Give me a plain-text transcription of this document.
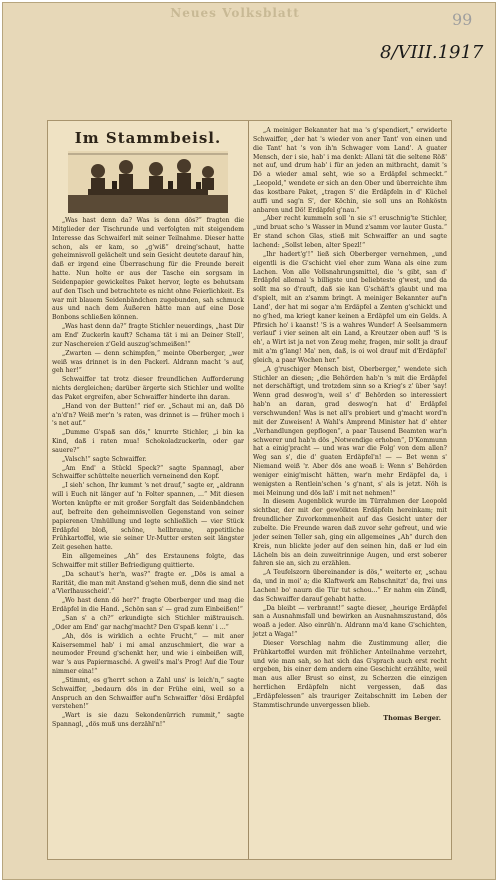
Neues Volksblatt	99
8/VIII.1917
Im Stammbeisl.

„Was hast denn da? Was is denn dös?“ fragten die Mitglieder der Tischrunde und verfolgten mit steigendem Interesse das Schwaiferl mit seiner Teilnahme. Dieser hatte schon, als er kam, so „g'wiß“ dreing'schaut, hatte geheimnisvoll gelächelt und sein Gesicht deutete darauf hin, daß er irgend eine Überraschung für die Freunde bereit hatte. Nun holte er aus der Tasche ein sorgsam in Seidenpapier gewickeltes Paket hervor, legte es behutsam auf den Tisch und betrachtete es nicht ohne Feierlichkeit. Es war mit blauem Seidenbändchen zugebunden, sah schmuck aus und nach dem Äußeren hätte man auf eine Dose Bonbons schließen können.

„Was hast denn da?“ fragte Stichler neuerdings, „hast Dir am End' Zuckerln kauft? Schama tät i mi an Deiner Stell', zur Naschereien z'Geld auszug'schmeißen!“

„Zwarten — denn schimpfen,“ meinte Oberberger, „wer weiß was drinnet is in den Packerl. Aldrann macht 's auf, geh her!“

Schwaiffer tat trotz dieser freundlichen Aufforderung nichts dergleichen; darüber ärgerte sich Stichler und wollte das Paket ergreifen, aber Schwaiffer hinderte ihn daran.

„Hand von der Butten!“ rief er. „Schaut mi an, daß Dö a'n'd'n? Weiß mer'n 's raten, was drinnet is — früher moch i 's net auf.“

„Dumme G'spaß san dös,“ knurrte Stichler, „i bin ka Kind, daß i raten mua! Schokoladzuckerln, oder gar sauere?“

„Valsch!“ sagte Schwaiffer.

„Am End' a Stückl Speck?“ sagte Spannagl, aber Schwaiffer schüttelte neuerlich verneinend den Kopf.

„I sieh' schon, Ihr kummt 's net drauf,“ sagte er, „aldrann will i Euch nit länger auf 'n Folter spannen, ...“ Mit diesen Worten knüpfte er mit großer Sorgfalt das Seidenbändchen auf, befreite den geheimnisvollen Gegenstand von seiner papierenen Umhüllung und legte schließlich — vier Stück Erdäpfel bloß, schöne, hellbraune, appetitliche Frühkartoffel, wie sie seiner Ur-Mutter ersten seit längster Zeit gesehen hatte.

Ein allgemeines „Ah“ des Erstaunens folgte, das Schwaiffer mit stiller Befriedigung quittierte.

„Da schaut's her'n, was?“ fragte er. „Dös is amal a Rarität, die man mit Anstand g'sehen muß, denn die sind net a'Vierlhausscheid'.“

„Wo hast denn dö her?“ fragte Oberberger und mag die Erdäpfel in die Hand. „Schön san s' — grad zum Einbeißen!“

„San s' a ch?“ erkundigte sich Stichler mißtrauisch. „Oder am End' gar nachg'macht? Den G'spaß kenn' i ...“

„Ah, dös is wirklich a echte Frucht,“ — mit aner Kaisersemmel hab' i mi amal anzuschmiert, die war a neumoder Freund g'schenkt her, und wie i einbeißen will, war 's aus Papiermasché. A gweil's mal's Prog! Auf die Tour nimmer eina!“

„Stimmt, es g'herrt schon a Zahl uns' is leich'n,“ sagte Schwaiffer, „bedaurn dös in der Frühe eini, weil so a Anspruch an den Schwaiffer auf'n Schwaiffer 'dösi Erdäpfel verstehen!“

„Wart is sie dazu Sekondenürrich rummit,“ sagte Spannagl, „dös muß uns derzähl'n!“

„A meiniger Bekannter hat ma 's g'spendiert,“ erwiderte Schwaiffer, „der hat 's wieder von aner Tant' von einen und die Tant' hat 's von ih'n Schwager vom Land'. A guater Mensch, der i sie, hab' i ma denkt: Allani tät die seltene Röß' net auf, und drum hab' i für an jeden an mitbracht, damit 's Dö a wieder amal seht, wie so a Erdäpfel schmeckt.“ „Leopold,“ wendete er sich an den Ober und überreichte ihm das kostbare Paket, „tragen S' die Erdäpfeln in d' Küchel auffi und sag'n S', der Köchin, sie soll uns an Rohköstn anbaren und Dö! Erdäpfel g'nau.“

„Aber recht kummeln soll 'n sie s'! eruschnig'te Stichler, „und bruat scho 's Wasser in Mund z'samm vor lauter Gusta.“ Er stand schon Glas, stieß mit Schwaiffer an und sagte lachend: „Sollst leben, alter Spezl!“

„Ihr hadert'g'!“ ließ sich Oberberger vernehmen, „und eigentli is die G'schicht viel eher zum Wana als eine zum Lachen. Von alle Vollsnahrungsmittel, die 's gibt, san d' Erdäpfel allemal 's billigste und beliebteste g'west, und da sollt ma so d'rauft, daß sie kan G'schäft's glaubt und ma d'spielt, mit an z'samm bringt. A meiniger Bekannter auf'n Land', der hat mi sogar a'm Erdäpfel a Zenten g'schickt und no g'hed, ma kriegt kaner keinen a Erdäpfel um ein Gelds. A Pfirsich ho' i kaanst! 'S is a wahres Wunder! A Seelsammern verlauf' i vier seinen alt ein Land, a Kreutzer oben auf! 'S is eh', a Wirt ist ja net von Zeug mehr, fragen, mir sollt ja drauf mit a'm g'lang! Ma' nen, daß, is oi wol drauf mit d'Erdäpfel' gleich, a paar Wochen her.“

„A g'ruschiger Mensch bist, Oberberger,“ wendete sich Stichler an diesen; „die Behörden hab'n 's mit die Erdäpfel net derschäftigt, und trotzdem sinn so a Krieg's z' über 'say! Wenn grad deswog'n, weil s' d' Behörden so interessiert hab'n an daran, grad deswog'n hat d' Erdäpfel verschwunden! Was is net all's probiert und g'macht word'n mit der Zuweisen! A Wahl's Amprend Minister hat d' ehter „Verhandlungen gepflogen“, a paar Tausend Beamten war'n schwerer und hab'n dös „Notwendige erhoben“, D'Kommunn hat a einig'pracht — und was war die Folg' von dem allen? Weg san s', die d' guaten Erdäpfel'n! — — Bet wenn s' Niemand weiß 'r. Aber dös ane woaß i: Wenn s' Behörden weniger einig'mischt hätten, war'n mehr Erdäpfel da, i wenigsten a Rentlein'schen 's g'nant, s' als is jetzt. Nöh is mei Meinung und dös laß' i mit net nehmen!“

In diesem Augenblick wurde im Türrahmen der Leopold sichtbar, der mit der gewölkten Erdäpfeln hereinkam; mit freundlicher Zuvorkommenheit auf das Gesicht unter der zubelte. Die Freunde waren daß zuvor sehr gefreut, und wie jeder seinen Teller sah, ging ein allgemeines „Ah“ durch den Kreis, nun blickte jeder auf den seinen hin, daß er lud ein Lächeln bis an dein zuweitrinnige Augen, und erst soberer fahren sie an, sich zu erzählen.

„A Teufelszorn übereinander is dös,“ weiterte er, „schau da, und in moi' a; die Klaftwerk am Rebschnitzt' da, frei uns Lachen! bo' naurn die Tür tut schou...“ Er nahm ein Zündl, das Schwaiffer darauf gehabt hatte.

„Da bleibt — verbrannt!“ sagte dieser, „heurige Erdäpfel san a Ausnahmsfall und bewirken an Ausnahmszustand, dös woaß a jeder. Also einrüh'n. Aldrann ma'd kane G'schichten, jetzt a Waga!“

Dieser Vorschlag nahm die Zustimmung aller, die Frühkartoffel wurden mit fröhlicher Anteilnahme verzehrt, und wie man sah, so hat sich das G'sprach auch erst recht ergeben, bis einer dem andern eine Geschicht erzählte, weil man aus aller Brust so einst, zu Scherzen die einzigen herrlichen Erdäpfeln nicht vergessen, daß das „Erdäpfelessen“ als trauriger Zeitabschnitt im Leben der Stammtischrunde unvergessen blieb.

Thomas Berger.
